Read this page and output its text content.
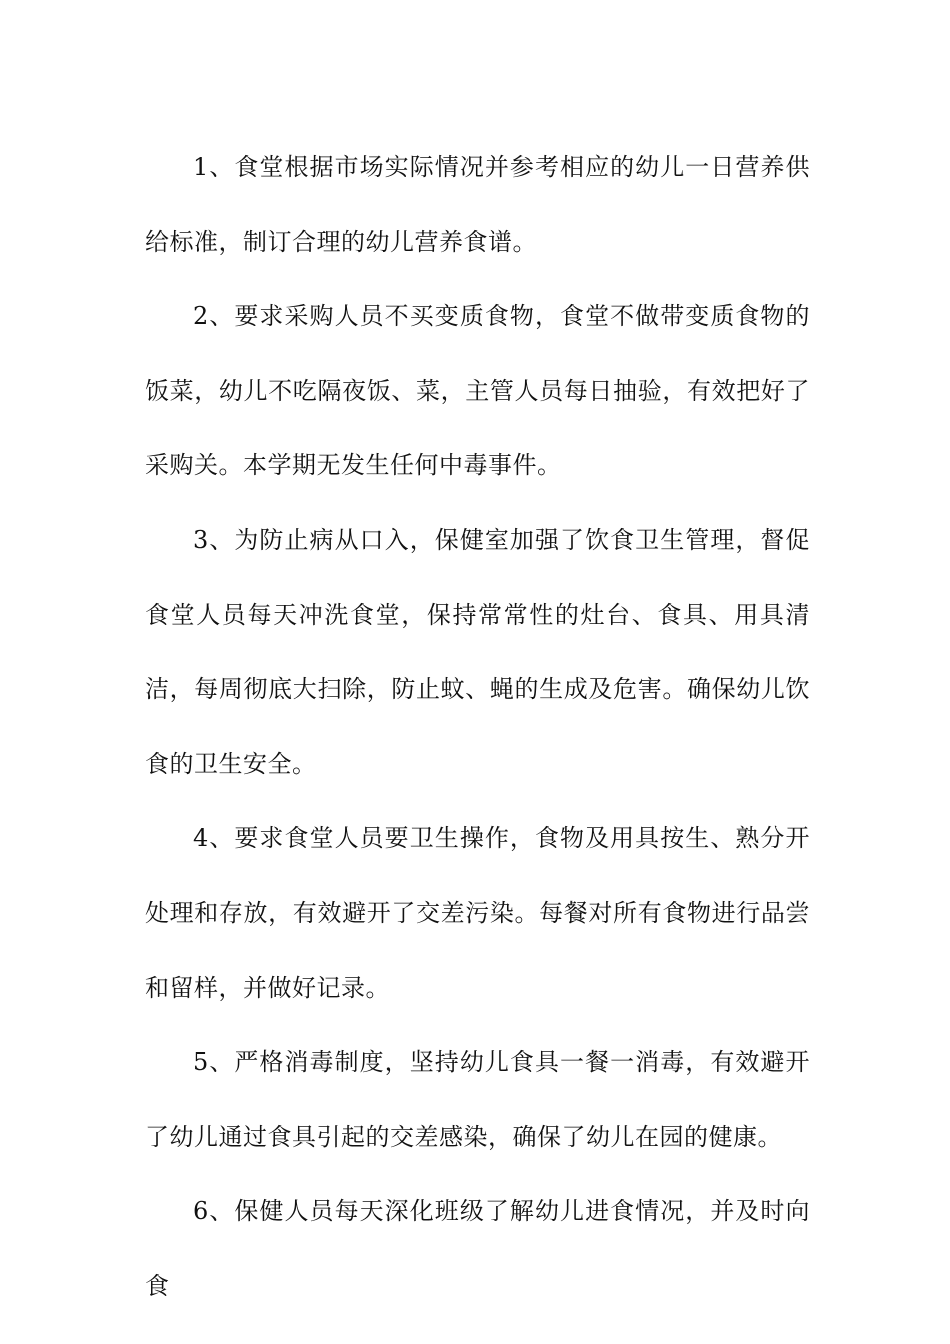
1、食堂根据市场实际情况并参考相应的幼儿一日营养供给标准，制订合理的幼儿营养食谱。

2、要求采购人员不买变质食物，食堂不做带变质食物的饭菜，幼儿不吃隔夜饭、菜，主管人员每日抽验，有效把好了采购关。本学期无发生任何中毒事件。

3、为防止病从口入，保健室加强了饮食卫生管理，督促食堂人员每天冲洗食堂，保持常常性的灶台、食具、用具清洁，每周彻底大扫除，防止蚊、蝇的生成及危害。确保幼儿饮食的卫生安全。

4、要求食堂人员要卫生操作，食物及用具按生、熟分开处理和存放，有效避开了交差污染。每餐对所有食物进行品尝和留样，并做好记录。

5、严格消毒制度，坚持幼儿食具一餐一消毒，有效避开了幼儿通过食具引起的交差感染，确保了幼儿在园的健康。

6、保健人员每天深化班级了解幼儿进食情况，并及时向食
